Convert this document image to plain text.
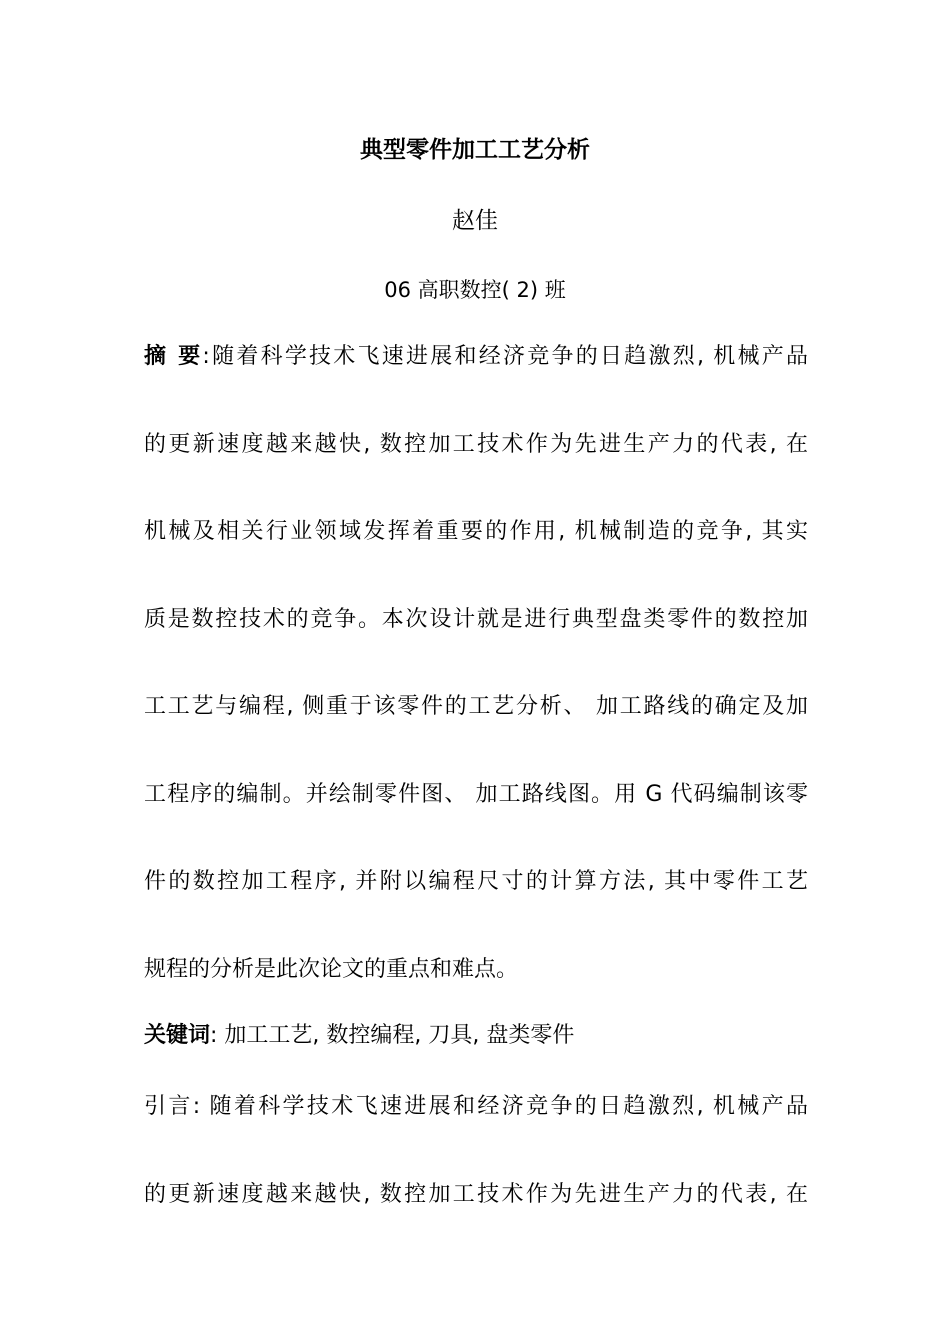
典型零件加工工艺分析
赵佳
06 高职数控( 2) 班
摘 要:随着科学技术飞速进展和经济竞争的日趋激烈, 机械产品
的更新速度越来越快, 数控加工技术作为先进生产力的代表, 在
机械及相关行业领域发挥着重要的作用, 机械制造的竞争, 其实
质是数控技术的竞争。本次设计就是进行典型盘类零件的数控加
工工艺与编程, 侧重于该零件的工艺分析、 加工路线的确定及加
工程序的编制。并绘制零件图、 加工路线图。用 G 代码编制该零
件的数控加工程序, 并附以编程尺寸的计算方法, 其中零件工艺
规程的分析是此次论文的重点和难点。
关键词: 加工工艺, 数控编程, 刀具, 盘类零件
引言: 随着科学技术飞速进展和经济竞争的日趋激烈, 机械产品
的更新速度越来越快, 数控加工技术作为先进生产力的代表, 在
